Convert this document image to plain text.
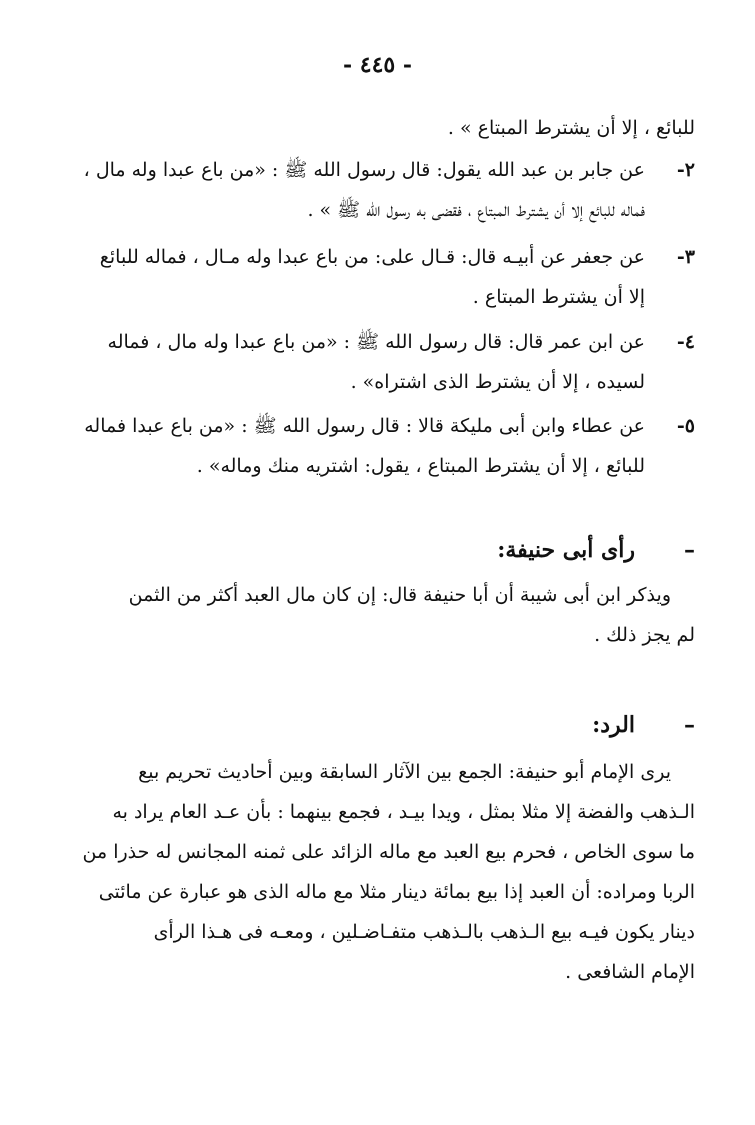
- ٤٤٥ -
للبائع ، إلا أن يشترط المبتاع » .
٢-
عن جابر بن عبد الله يقول: قال رسول الله ﷺ : «من باع عبدا وله مال ،
فماله للبائع إلا أن يشترط المبتاع ، فقضى به رسول الله ﷺ » .
٣-
عن جعفر عن أبيـه قال: قـال على: من باع عبدا وله مـال ، فماله للبائع
إلا أن يشترط المبتاع .
٤-
عن ابن عمر قال: قال رسول الله ﷺ : «من باع عبدا وله مال ، فماله
لسيده ، إلا أن يشترط الذى اشتراه» .
٥-
عن عطاء وابن أبى مليكة قالا : قال رسول الله ﷺ : «من باع عبدا فماله
للبائع ، إلا أن يشترط المبتاع ، يقول: اشتريه منك وماله» .
–رأى أبى حنيفة:
ويذكر ابن أبى شيبة أن أبا حنيفة قال: إن كان مال العبد أكثر من الثمن
لم يجز ذلك .
–الرد:
يرى الإمام أبو حنيفة: الجمع بين الآثار السابقة وبين أحاديث تحريم بيع
الـذهب والفضة إلا مثلا بمثل ، ويدا بيـد ، فجمع بينهما : بأن عـد العام يراد به
ما سوى الخاص ، فحرم بيع العبد مع ماله الزائد على ثمنه المجانس له حذرا من
الربا ومراده: أن العبد إذا بيع بمائة دينار مثلا مع ماله الذى هو عبارة عن مائتى
دينار يكون فيـه بيع الـذهب بالـذهب متفـاضـلين ، ومعـه فى هـذا الرأى
الإمام الشافعى .
